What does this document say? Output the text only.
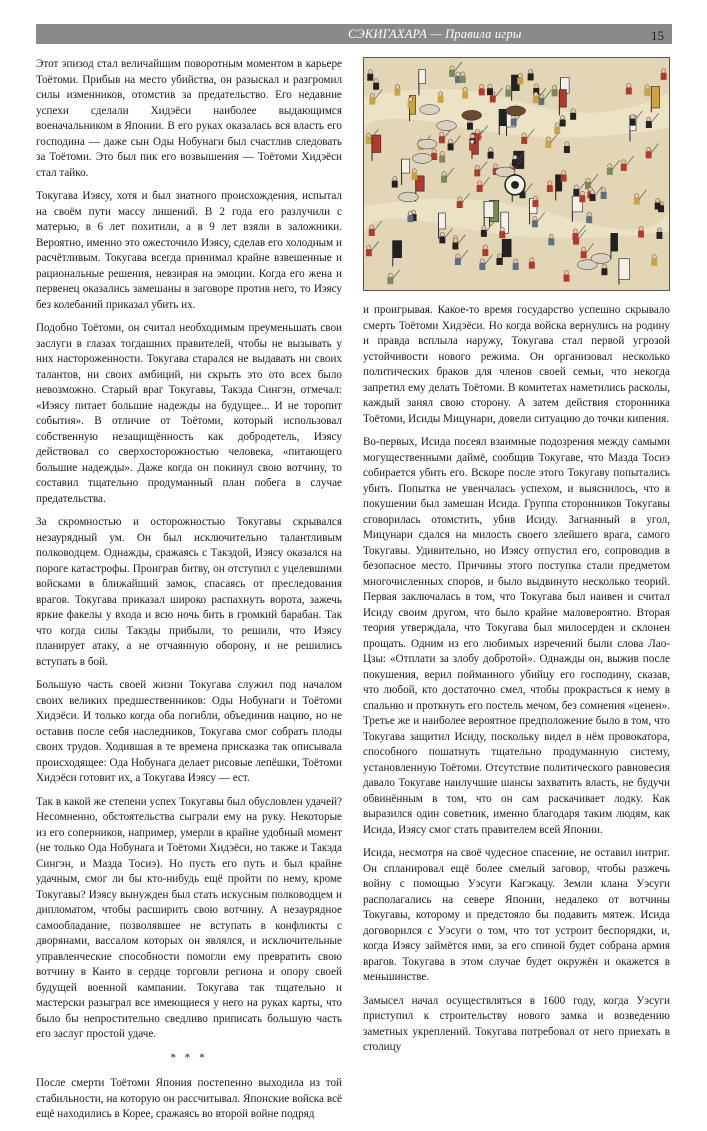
СЭКИГАХАРА — Правила игры	15

Этот эпизод стал величайшим поворотным моментом в карьере Тоётоми. Прибыв на место убийства, он разыскал и разгромил силы изменников, отомстив за предательство. Его недавние успехи сделали Хидэёси наиболее выдающимся военачальником в Японии. В его руках оказалась вся власть его господина — даже сын Оды Нобунаги был счастлив следовать за Тоётоми. Это был пик его возвышения — Тоётоми Хидэёси стал тайко.

Токугава Иэясу, хотя и был знатного происхождения, испытал на своём пути массу лишений. В 2 года его разлучили с матерью, в 6 лет похитили, а в 9 лет взяли в заложники. Вероятно, именно это ожесточило Иэясу, сделав его холодным и расчётливым. Токугава всегда принимал крайне взвешенные и рациональные решения, невзирая на эмоции. Когда его жена и первенец оказались замешаны в заговоре против него, то Иэясу без колебаний приказал убить их.

Подобно Тоётоми, он считал необходимым преуменьшать свои заслуги в глазах тогдашних правителей, чтобы не вызывать у них настороженности. Токугава старался не выдавать ни своих талантов, ни своих амбиций, ни скрыть это ото всех было невозможно. Старый враг Токугавы, Такэда Сингэн, отмечал: «Иэясу питает большие надежды на будущее... И не торопит события». В отличие от Тоётоми, который использовал собственную незащищённость как добродетель, Иэясу действовал со сверхосторожностью человека, «питающего большие надежды». Даже когда он покинул свою вотчину, то составил тщательно продуманный план побега в случае предательства.

За скромностью и осторожностью Токугавы скрывался незаурядный ум. Он был исключительно талантливым полководцем. Однажды, сражаясь с Такэдой, Иэясу оказался на пороге катастрофы. Проиграв битву, он отступил с уцелевшими войсками в ближайший замок, спасаясь от преследования врагов. Токугава приказал широко распахнуть ворота, зажечь яркие факелы у входа и всю ночь бить в громкий барабан. Так что когда силы Такэды прибыли, то решили, что Иэясу планирует атаку, а не отчаянную оборону, и не решились вступать в бой.

Большую часть своей жизни Токугава служил под началом своих великих предшественников: Оды Нобунаги и Тоётоми Хидэёси. И только когда оба погибли, объединив нацию, но не оставив после себя наследников, Токугава смог собрать плоды своих трудов. Ходившая в те времена присказка так описывала происходящее: Ода Нобунага делает рисовые лепёшки, Тоётоми Хидэёси готовит их, а Токугава Иэясу — ест.

Так в какой же степени успех Токугавы был обусловлен удачей? Несомненно, обстоятельства сыграли ему на руку. Некоторые из его соперников, например, умерли в крайне удобный момент (не только Ода Нобунага и Тоётоми Хидэёси, но также и Такэда Сингэн, и Мазда Тосиэ). Но пусть его путь и был крайне удачным, смог ли бы кто-нибудь ещё пройти по нему, кроме Токугавы? Иэясу вынужден был стать искусным полководцем и дипломатом, чтобы расширить свою вотчину. А незаурядное самообладание, позволявшее не вступать в конфликты с дворянами, вассалом которых он являлся, и исключительные управленческие способности помогли ему превратить свою вотчину в Канто в сердце торговли региона и опору своей будущей военной кампании. Токугава так тщательно и мастерски разыграл все имеющиеся у него на руках карты, что было бы непростительно сведливо приписать большую часть его заслуг простой удаче.

* * *

После смерти Тоётоми Япония постепенно выходила из той стабильности, на которую он рассчитывал. Японские войска всё ещё находились в Корее, сражаясь во второй войне подряд

и проигрывая. Какое-то время государство успешно скрывало смерть Тоётоми Хидэёси. Но когда войска вернулись на родину и правда всплыла наружу, Токугава стал первой угрозой устойчивости нового режима. Он организовал несколько политических браков для членов своей семьи, что некогда запретил ему делать Тоётоми. В комитетах наметились расколы, каждый занял свою сторону. А затем действия сторонника Тоётоми, Исиды Мицунари, довели ситуацию до точки кипения.

Во-первых, Исида посеял взаимные подозрения между самыми могущественными даймё, сообщив Токугаве, что Мазда Тосиэ собирается убить его. Вскоре после этого Токугаву попытались убить. Попытка не увенчалась успехом, и выяснилось, что в покушении был замешан Исида. Группа сторонников Токугавы сговорилась отомстить, убив Исиду. Загнанный в угол, Мицунари сдался на милость своего злейшего врага, самого Токугавы. Удивительно, но Иэясу отпустил его, сопроводив в безопасное место. Причины этого поступка стали предметом многочисленных споров, и было выдвинуто несколько теорий. Первая заключалась в том, что Токугава был наивен и считал Исиду своим другом, что было крайне маловероятно. Вторая теория утверждала, что Токугава был милосерден и склонен прощать. Одним из его любимых изречений были слова Лао-Цзы: «Отплати за злобу добротой». Однажды он, выжив после покушения, верил пойманного убийцу его господину, сказав, что любой, кто достаточно смел, чтобы прокрасться к нему в спальню и проткнуть его постель мечом, без сомнения «ценен». Третье же и наиболее вероятное предположение было в том, что Токугава защитил Исиду, поскольку видел в нём провокатора, способного пошатнуть тщательно продуманную систему, установленную Тоётоми. Отсутствие политического равновесия давало Токугаве наилучшие шансы захватить власть, не будучи обвинённым в том, что он сам раскачивает лодку. Как выразился один советник, именно благодаря таким людям, как Исида, Иэясу смог стать правителем всей Японии.

Исида, несмотря на своё чудесное спасение, не оставил интриг. Он спланировал ещё более смелый заговор, чтобы разжечь войну с помощью Уэсуги Кагэкацу. Земли клана Уэсуги располагались на севере Японии, недалеко от вотчины Токугавы, которому и предстояло бы подавить мятеж. Исида договорился с Уэсуги о том, что тот устроит беспорядки, и, когда Иэясу займётся ими, за его спиной будет собрана армия врагов. Токугава в этом случае будет окружён и окажется в меньшинстве.

Замысел начал осуществляться в 1600 году, когда Уэсуги приступил к строительству нового замка и возведению заметных укреплений. Токугава потребовал от него приехать в столицу
